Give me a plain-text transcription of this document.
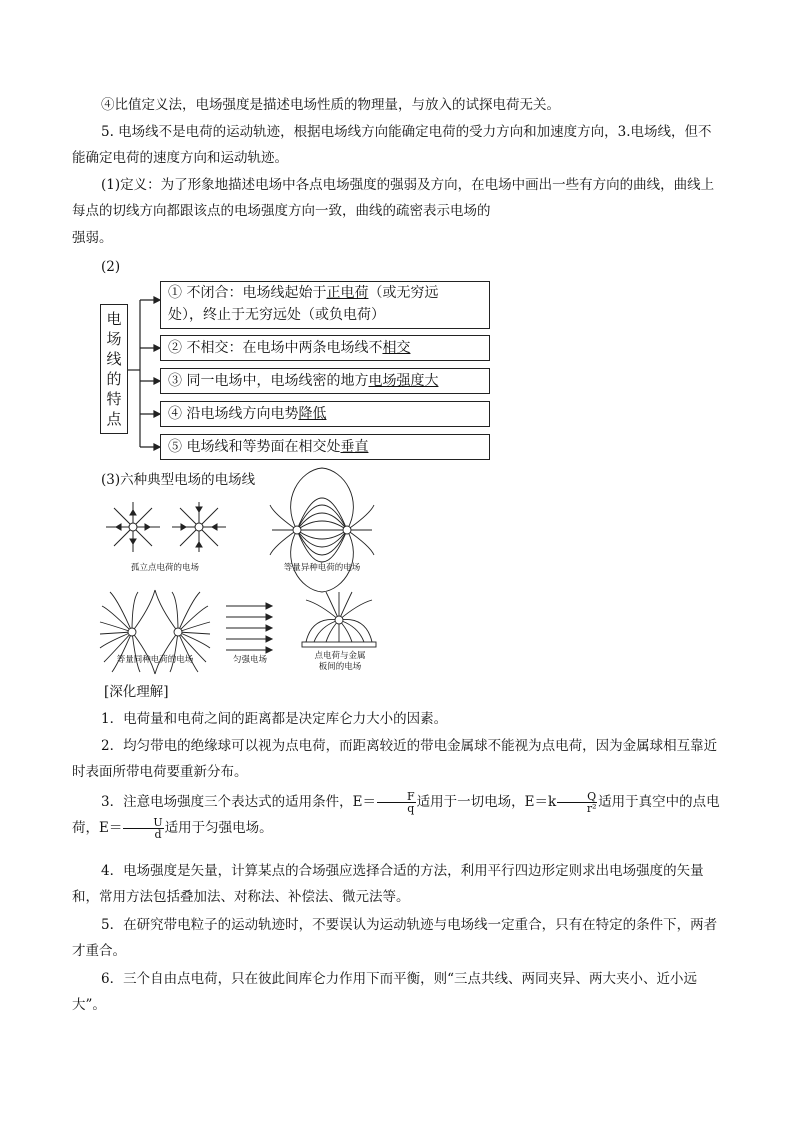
④比值定义法，电场强度是描述电场性质的物理量，与放入的试探电荷无关。

5. 电场线不是电荷的运动轨迹，根据电场线方向能确定电荷的受力方向和加速度方向，3.电场线，但不能确定电荷的速度方向和运动轨迹。

(1)定义：为了形象地描述电场中各点电场强度的强弱及方向，在电场中画出一些有方向的曲线，曲线上每点的切线方向都跟该点的电场强度方向一致，曲线的疏密表示电场的

强弱。

(2)

电场线的特点
① 不闭合：电场线起始于正电荷（或无穷远
处），终止于无穷远处（或负电荷）
② 不相交：在电场中两条电场线不相交
③ 同一电场中，电场线密的地方电场强度大
④ 沿电场线方向电势降低
⑤ 电场线和等势面在相交处垂直

(3)六种典型电场的电场线

孤立点电荷的电场	等量异种电荷的电场
等量同种电荷的电场	匀强电场	点电荷与金属
板间的电场

[深化理解]

1．电荷量和电荷之间的距离都是决定库仑力大小的因素。

2．均匀带电的绝缘球可以视为点电荷，而距离较近的带电金属球不能视为点电荷，因为金属球相互靠近时表面所带电荷要重新分布。

3．注意电场强度三个表达式的适用条件，$E= \frac{F}{q}$ 适用于一切电场，$E=k \frac{Q}{\text{r²}}$ 适用于真空中的点电荷，$E= \frac{U}{d}$ 适用于匀强电场。

4．电场强度是矢量，计算某点的合场强应选择合适的方法，利用平行四边形定则求出电场强度的矢量和，常用方法包括叠加法、对称法、补偿法、微元法等。

5．在研究带电粒子的运动轨迹时，不要误认为运动轨迹与电场线一定重合，只有在特定的条件下，两者才重合。

6．三个自由点电荷，只在彼此间库仑力作用下而平衡，则“三点共线、两同夹异、两大夹小、近小远大”。
